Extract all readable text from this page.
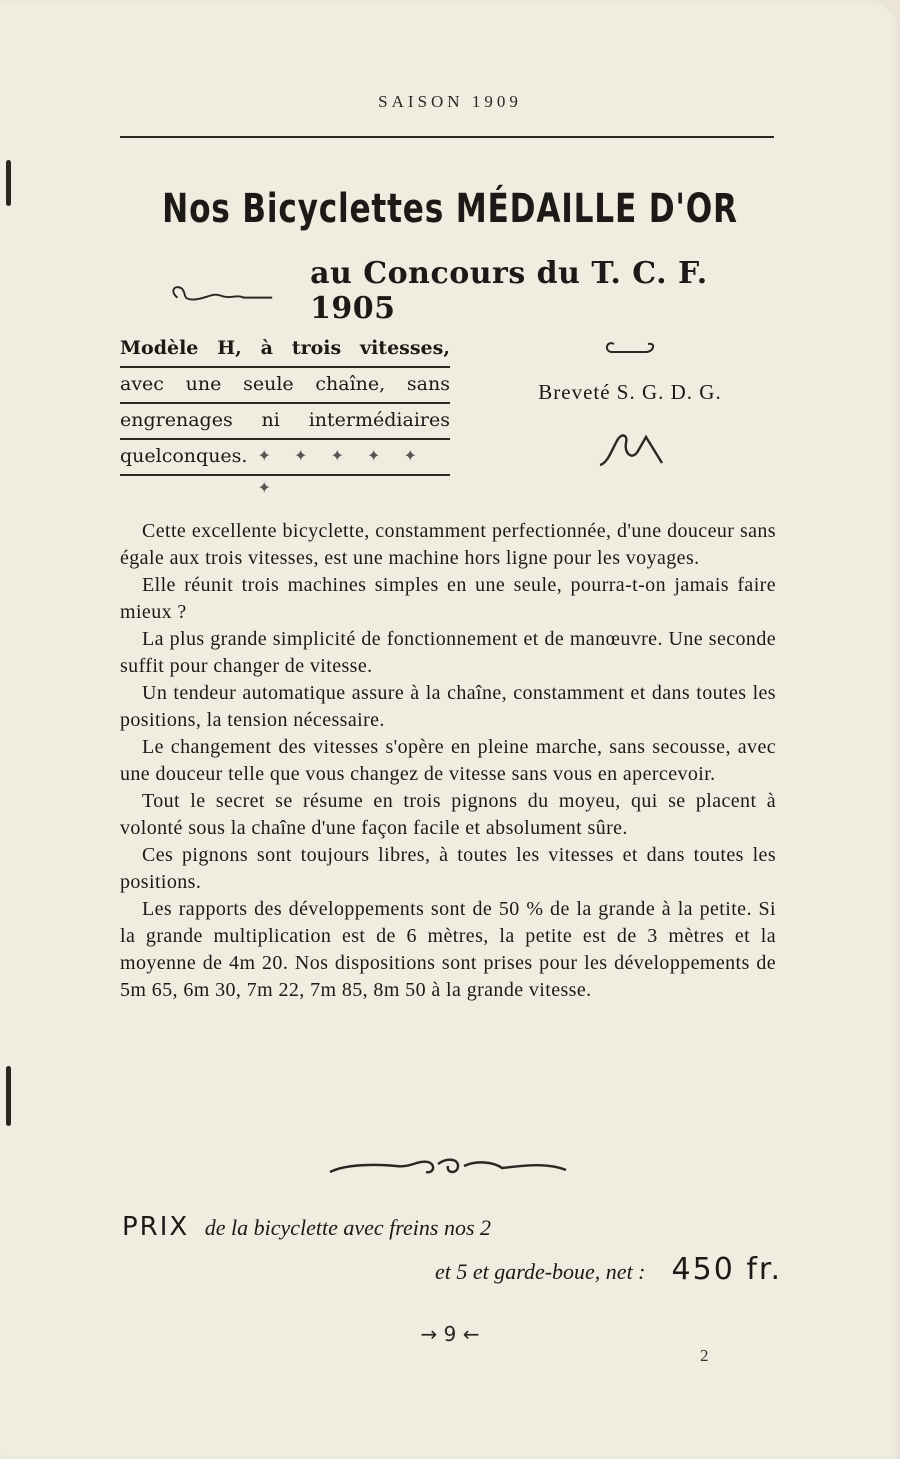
SAISON 1909
Nos Bicyclettes MÉDAILLE D'OR
au Concours du T. C. F. 1905
Modèle H, à trois vitesses,
avec une seule chaîne, sans
engrenages ni intermédiaires
quelconques. ✦ ✦ ✦ ✦ ✦ ✦
Breveté S. G. D. G.

Cette excellente bicyclette, constamment perfectionnée, d'une douceur sans égale aux trois vitesses, est une machine hors ligne pour les voyages.

Elle réunit trois machines simples en une seule, pourra-t-on jamais faire mieux ?

La plus grande simplicité de fonctionnement et de manœuvre. Une seconde suffit pour changer de vitesse.

Un tendeur automatique assure à la chaîne, constamment et dans toutes les positions, la tension nécessaire.

Le changement des vitesses s'opère en pleine marche, sans secousse, avec une douceur telle que vous changez de vitesse sans vous en apercevoir.

Tout le secret se résume en trois pignons du moyeu, qui se placent à volonté sous la chaîne d'une façon facile et absolument sûre.

Ces pignons sont toujours libres, à toutes les vitesses et dans toutes les positions.

Les rapports des développements sont de 50 % de la grande à la petite. Si la grande multiplication est de 6 mètres, la petite est de 3 mètres et la moyenne de 4m 20. Nos dispositions sont prises pour les développements de 5m 65, 6m 30, 7m 22, 7m 85, 8m 50 à la grande vitesse.

PRIX de la bicyclette avec freins nos 2
et 5 et garde-boue, net : 450 fr.
→ 9 ←
2
